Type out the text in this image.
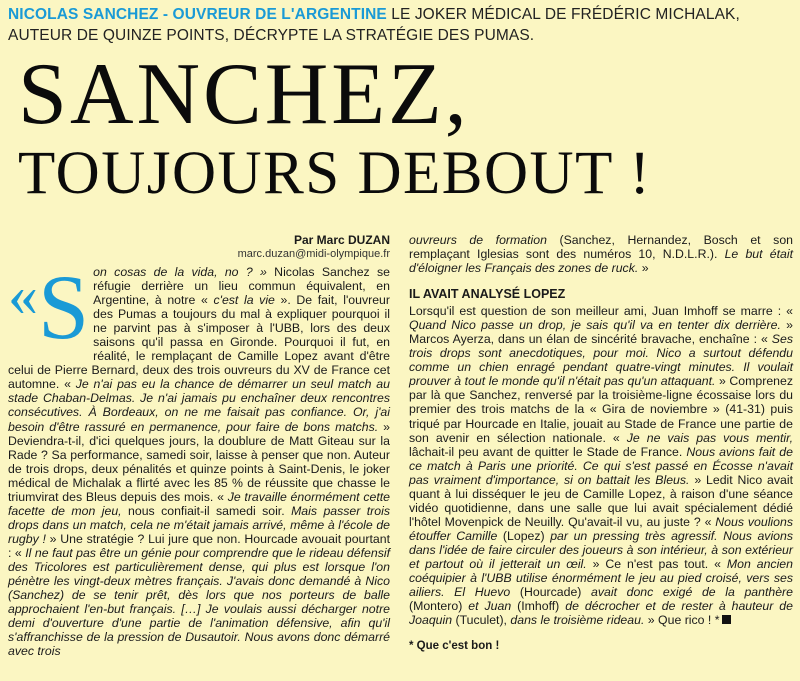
NICOLAS SANCHEZ - OUVREUR DE L'ARGENTINE LE JOKER MÉDICAL DE FRÉDÉRIC MICHALAK, AUTEUR DE QUINZE POINTS, DÉCRYPTE LA STRATÉGIE DES PUMAS.
SANCHEZ,
TOUJOURS DEBOUT !
Par Marc DUZAN
marc.duzan@midi-olympique.fr
«S on cosas de la vida, no ? » Nicolas Sanchez se réfugie derrière un lieu commun équivalent, en Argentine, à notre « c'est la vie ». De fait, l'ouvreur des Pumas a toujours du mal à expliquer pourquoi il ne parvint pas à s'imposer à l'UBB, lors des deux saisons qu'il passa en Gironde. Pourquoi il fut, en réalité, le remplaçant de Camille Lopez avant d'être celui de Pierre Bernard, deux des trois ouvreurs du XV de France cet automne. « Je n'ai pas eu la chance de démarrer un seul match au stade Chaban-Delmas. Je n'ai jamais pu enchaîner deux rencontres consécutives. À Bordeaux, on ne me faisait pas confiance. Or, j'ai besoin d'être rassuré en permanence, pour faire de bons matchs. » Deviendra-t-il, d'ici quelques jours, la doublure de Matt Giteau sur la Rade ? Sa performance, samedi soir, laisse à penser que non. Auteur de trois drops, deux pénalités et quinze points à Saint-Denis, le joker médical de Michalak a flirté avec les 85 % de réussite que chasse le triumvirat des Bleus depuis des mois. « Je travaille énormément cette facette de mon jeu, nous confiait-il samedi soir. Mais passer trois drops dans un match, cela ne m'était jamais arrivé, même à l'école de rugby ! » Une stratégie ? Lui jure que non. Hourcade avouait pourtant : « Il ne faut pas être un génie pour comprendre que le rideau défensif des Tricolores est particulièrement dense, qui plus est lorsque l'on pénètre les vingt-deux mètres français. J'avais donc demandé à Nico (Sanchez) de se tenir prêt, dès lors que nos porteurs de balle approchaient l'en-but français. […] Je voulais aussi décharger notre demi d'ouverture d'une partie de l'animation défensive, afin qu'il s'affranchisse de la pression de Dusautoir. Nous avons donc démarré avec trois

ouvreurs de formation (Sanchez, Hernandez, Bosch et son remplaçant Iglesias sont des numéros 10, N.D.L.R.). Le but était d'éloigner les Français des zones de ruck. »

IL AVAIT ANALYSÉ LOPEZ

Lorsqu'il est question de son meilleur ami, Juan Imhoff se marre : « Quand Nico passe un drop, je sais qu'il va en tenter dix derrière. » Marcos Ayerza, dans un élan de sincérité bravache, enchaîne : « Ses trois drops sont anecdotiques, pour moi. Nico a surtout défendu comme un chien enragé pendant quatre-vingt minutes. Il voulait prouver à tout le monde qu'il n'était pas qu'un attaquant. » Comprenez par là que Sanchez, renversé par la troisième-ligne écossaise lors du premier des trois matchs de la « Gira de noviembre » (41-31) puis triqué par Hourcade en Italie, jouait au Stade de France une partie de son avenir en sélection nationale. « Je ne vais pas vous mentir, lâchait-il peu avant de quitter le Stade de France. Nous avions fait de ce match à Paris une priorité. Ce qui s'est passé en Écosse n'avait pas vraiment d'importance, si on battait les Bleus. » Ledit Nico avait quant à lui disséquer le jeu de Camille Lopez, à raison d'une séance vidéo quotidienne, dans une salle que lui avait spécialement dédié l'hôtel Movenpick de Neuilly. Qu'avait-il vu, au juste ? « Nous voulions étouffer Camille (Lopez) par un pressing très agressif. Nous avions dans l'idée de faire circuler des joueurs à son intérieur, à son extérieur et partout où il jetterait un œil. » Ce n'est pas tout. « Mon ancien coéquipier à l'UBB utilise énormément le jeu au pied croisé, vers ses ailiers. El Huevo (Hourcade) avait donc exigé de la panthère (Montero) et Juan (Imhoff) de décrocher et de rester à hauteur de Joaquin (Tuculet), dans le troisième rideau. » Que rico ! *

* Que c'est bon !
